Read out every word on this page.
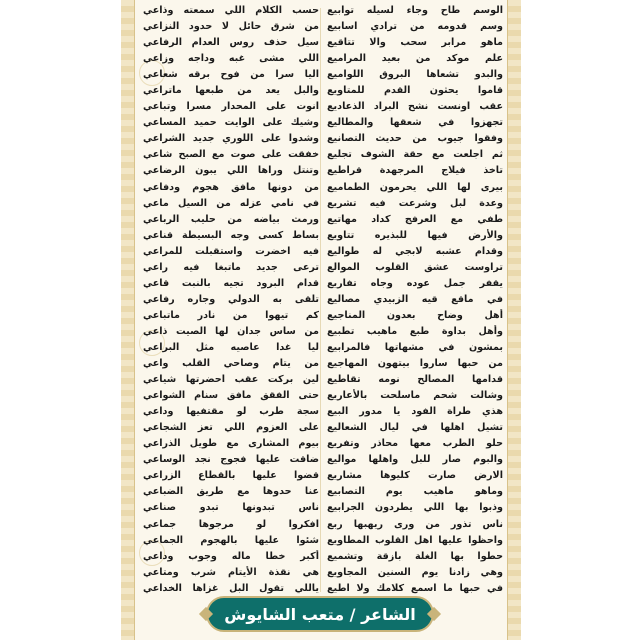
حسب الكلام اللي سمعته وذاعي
من شرق حائل لا حدود النزاعي
سيل حذف روس العدام الرفاعي
اللي مشى غبه وداجه وزاعي
اليا سرا من فوح برقه شعاعي
والبل يعد من طبعها ماتراعي
انوت على المحدار مسرا وتباعي
وشيك على الوايت حميد المساعي
وشدوا على اللوري جديد الشراعي
خفقت على صوت مع الصبح شاعي
وتنتل وراها اللي يبون الرضاعي
من دونها مافق هجوم ودفاعي
في نامي عزله من السيل ماعي
ورمث بياضه من حليب الرباعي
بساط كسى وجه البسيطة قناعي
فيه اخضرت واستقبلت للمراعي
ترعى جديد ماتبغا فيه راعي
قدام البرود تجيه بالنبت قاعي
تلقى به الدولي وجاره رفاعي
كم تيهوا من نادر ماتباعي
من ساس جدان لها الصيت ذاعي
ليا غدا عاصيه مثل البراعي
من يتام وصاحي القلب واعي
لين بركت عقب احضرتها شياعي
حتى الفقق مافق سنام الشواعي
سجة طرب لو مقتفيها وداعي
على العزوم اللي تعز الشجاعي
بيوم المشارى مع طويل الذراعي
ضاقت عليها فجوج نجد الوساعي
قضوا عليها بالقطاع الزراعي
عنا حدوها مع طريق الضباعي
ناس تبدونها تبدو صناعي
افكروا لو مرجوها جماعي
شئوا عليها بالهجوم الجماعي
أكبر خطا ماله وجوب وداعي
هي نقذة الأيتام شرب ومتاعي
ياللي تقول البل غزاها الخداعي
الوسم طاح وجاء لسيله توابيع
وسم قدومه من ترادي اسابيع
ماهو مرابر سحب والا تتاقيع
علم موكد من بعيد المراميع
والبدو تشعاها البروق اللواميع
قاموا يحثون القدم للمتاويع
عقب اونست نشح البراد الذعاديع
تجهزوا في شعقها والمطاليع
وفقوا جيوب من حديث التصانيع
ثم اجلعت مع حقة الشوف تجليع
تاخذ فيلاج المرجهدة قراطيع
بيرى لها اللي يحرمون الطماميع
وعدة لبل وشرعت فيه تشريع
طفي مع العرفج كداد مهاتيع
والأرض فيها للبذيره تتاويع
وقدام عشبه لابجي له طواليع
تراوست عشق القلوب الموالع
يقفر جمل عوده وجاه تفاريع
في ماقع قيه الزبيدي مصاليع
أهل وضاح بعدون المناجيع
وأهل بداوة طبع ماهيب تطبيع
بمشون في مشهاتها فالمرابيع
من حبها ساروا بيتهون المهاجيع
قدامها المصالح نومه تقاطيع
وشالت شحم ماسلحت بالأعاريع
هذي طراة الفود يا مدور البيع
تشيل اهلها في ليال الشعاليع
حلو الطرب معها محاذر وتفريع
والبوم صار للبل واهلها مواليع
الارض صارت كليوها مشاريع
وماهو ماهيب يوم التصابيع
وذبوا بها اللي يطردون الجرابيع
ناس تذور من ورى ريهبها ربع
واحظوا عليها اهل القلوب المطاويع
حطوا بها الغلة بازقة وتشميع
وهي زادنا يوم السنين المجاويع
في حبها ما اسمع كلامك ولا اطيع
الشاعر / متعب الشايوش
